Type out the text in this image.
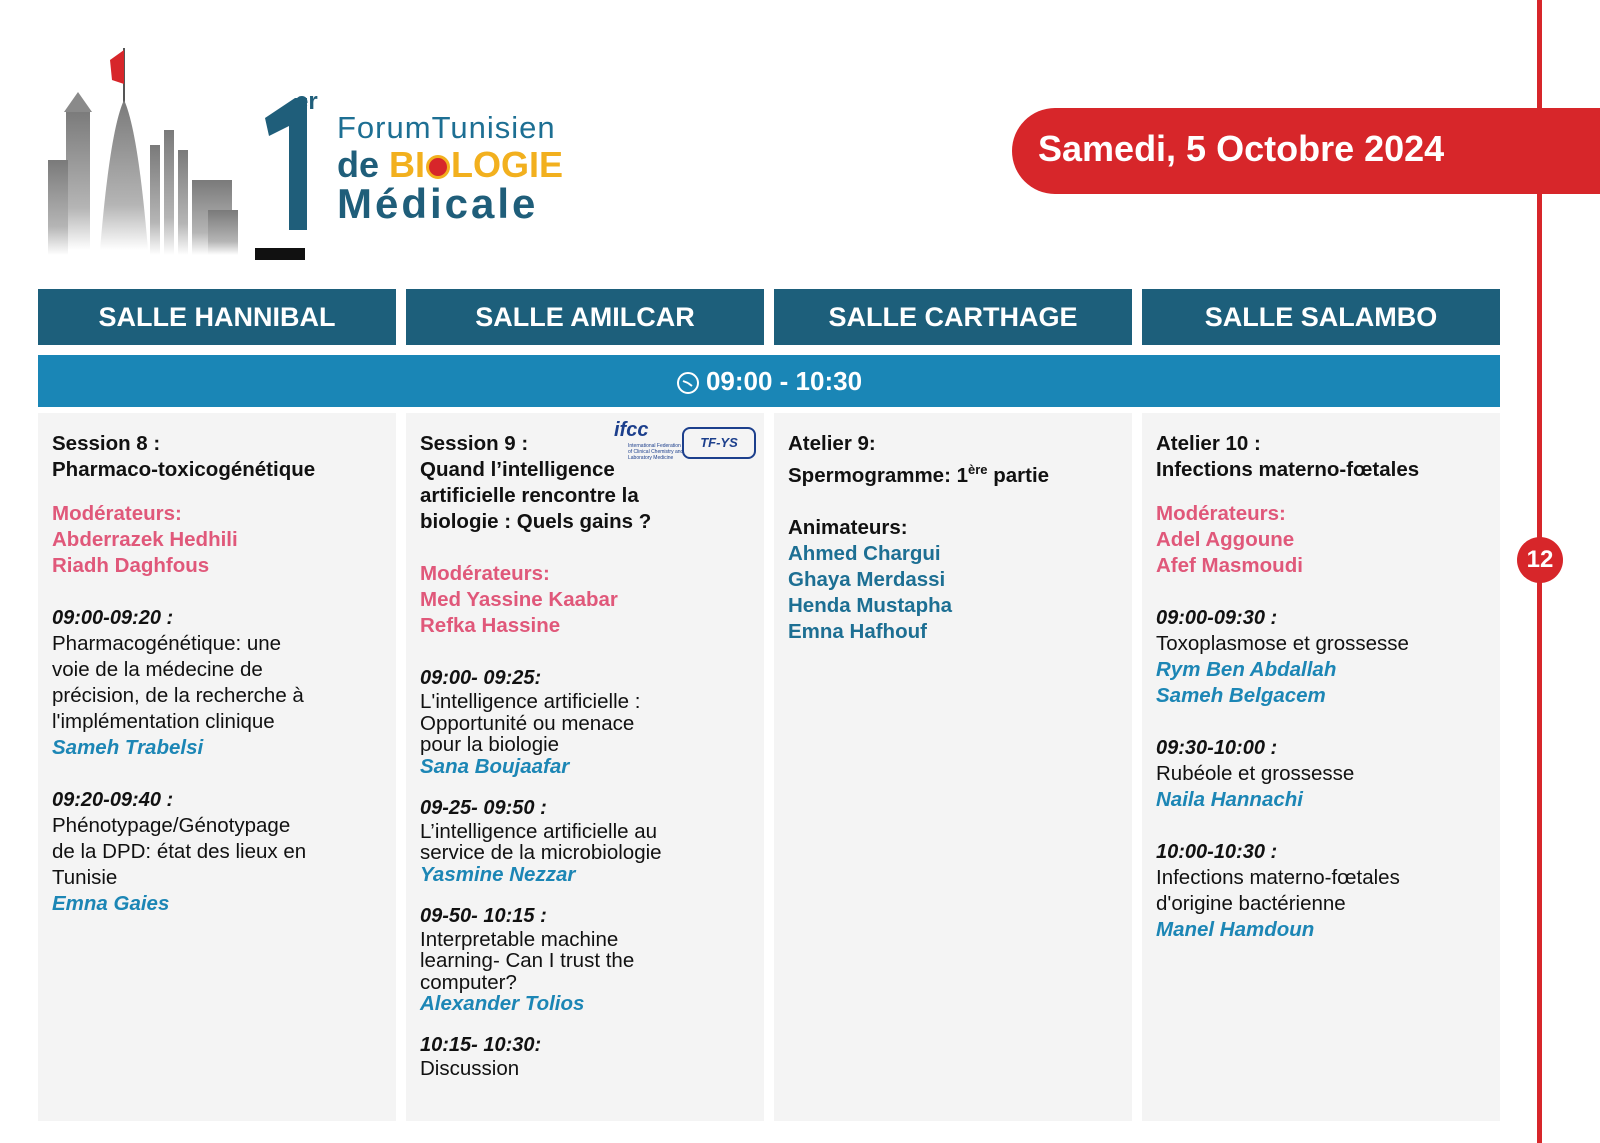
er
ForumTunisien
de BI LOGIE
Médicale
Samedi, 5 Octobre 2024
12
SALLE HANNIBAL	SALLE AMILCAR	SALLE CARTHAGE	SALLE SALAMBO
09:00 - 10:30
Session 8 :
Pharmaco-toxicogénétique
Modérateurs:
Abderrazek Hedhili
Riadh Daghfous
09:00-09:20 :
Pharmacogénétique: une
voie de la médecine de
précision, de la recherche à
l'implémentation clinique
Sameh Trabelsi
09:20-09:40 :
Phénotypage/Génotypage
de la DPD: état des lieux en
Tunisie
Emna Gaies
ifcc
International Federation of Clinical Chemistry and Laboratory Medicine
TF-YS
Session 9 :
Quand l’intelligence
artificielle rencontre la
biologie : Quels gains ?
Modérateurs:
Med Yassine Kaabar
Refka Hassine
09:00- 09:25:
L'intelligence artificielle :
Opportunité ou menace
pour la biologie
Sana Boujaafar
09-25- 09:50 :
L’intelligence artificielle au
service de la microbiologie
Yasmine Nezzar
09-50- 10:15 :
Interpretable machine
learning- Can I trust the
computer?
Alexander Tolios
10:15- 10:30:
Discussion
Atelier 9:
Spermogramme: 1ère partie
Animateurs:
Ahmed Chargui
Ghaya Merdassi
Henda Mustapha
Emna Hafhouf
Atelier 10 :
Infections materno-fœtales
Modérateurs:
Adel Aggoune
Afef Masmoudi
09:00-09:30 :
Toxoplasmose et grossesse
Rym Ben Abdallah
Sameh Belgacem
09:30-10:00 :
Rubéole et grossesse
Naila Hannachi
10:00-10:30 :
Infections materno-fœtales
d'origine bactérienne
Manel Hamdoun
